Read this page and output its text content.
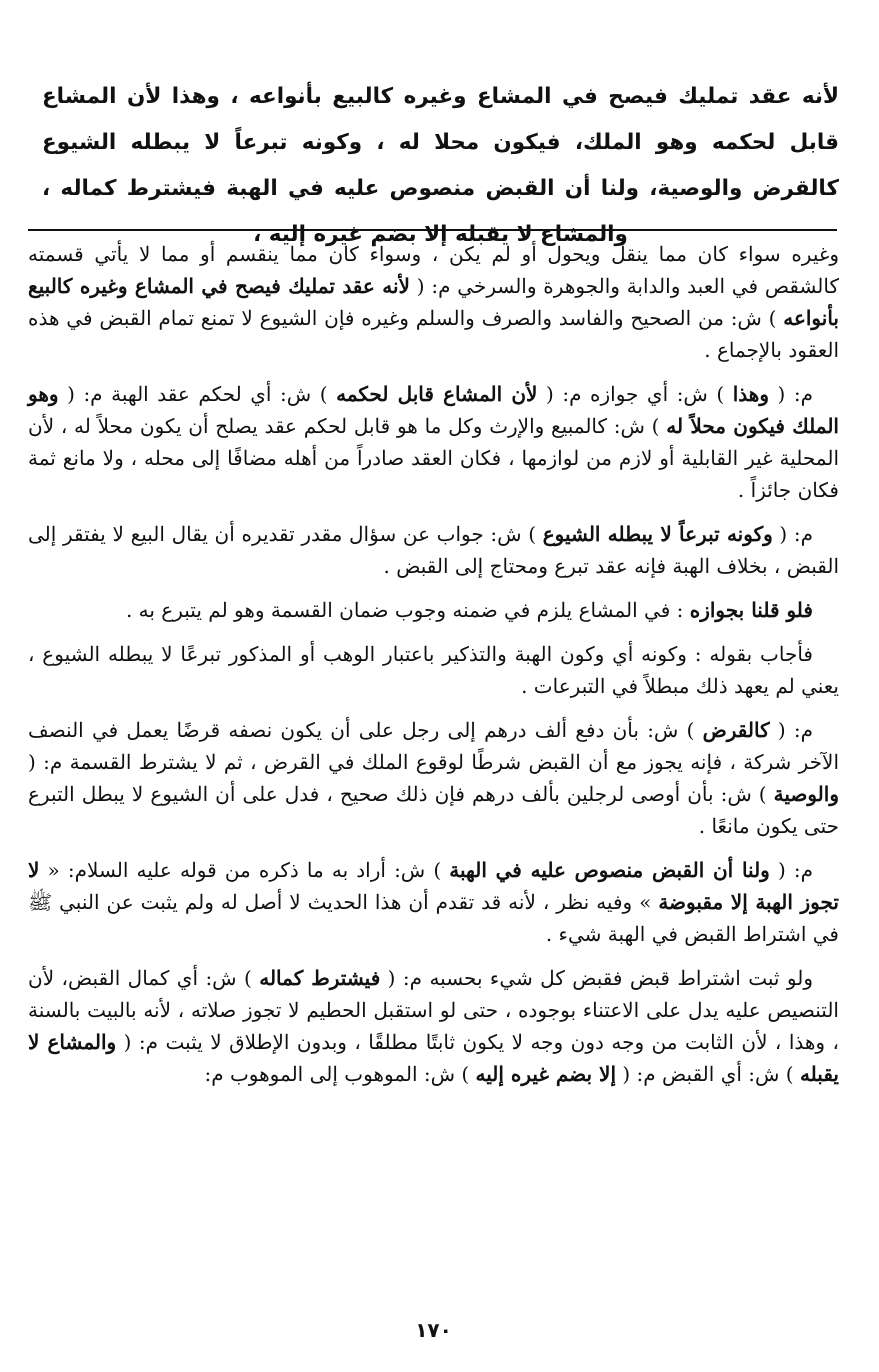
لأنه عقد تمليك فيصح في المشاع وغيره كالبيع بأنواعه ، وهذا لأن المشاع قابل لحكمه وهو الملك، فيكون محلا له ، وكونه تبرعاً لا يبطله الشيوع كالقرض والوصية، ولنا أن القبض منصوص عليه في الهبة فيشترط كماله ، والمشاع لا يقبله إلا بضم غيره إليه ،

وغيره سواء كان مما ينقل ويحول أو لم يكن ، وسواء كان مما ينقسم أو مما لا يأتي قسمته كالشقص في العبد والدابة والجوهرة والسرخي م: ( لأنه عقد تمليك فيصح في المشاع وغيره كالبيع بأنواعه ) ش: من الصحيح والفاسد والصرف والسلم وغيره فإن الشيوع لا تمنع تمام القبض في هذه العقود بالإجماع .

م: ( وهذا ) ش: أي جوازه م: ( لأن المشاع قابل لحكمه ) ش: أي لحكم عقد الهبة م: ( وهو الملك فيكون محلاً له ) ش: كالمبيع والإرث وكل ما هو قابل لحكم عقد يصلح أن يكون محلاً له ، لأن المحلية غير القابلية أو لازم من لوازمها ، فكان العقد صادراً من أهله مضافًا إلى محله ، ولا مانع ثمة فكان جائزاً .

م: ( وكونه تبرعاً لا يبطله الشيوع ) ش: جواب عن سؤال مقدر تقديره أن يقال البيع لا يفتقر إلى القبض ، بخلاف الهبة فإنه عقد تبرع ومحتاج إلى القبض .

فلو قلنا بجوازه : في المشاع يلزم في ضمنه وجوب ضمان القسمة وهو لم يتبرع به .

فأجاب بقوله : وكونه أي وكون الهبة والتذكير باعتبار الوهب أو المذكور تبرعًا لا يبطله الشيوع ، يعني لم يعهد ذلك مبطلاً في التبرعات .

م: ( كالقرض ) ش: بأن دفع ألف درهم إلى رجل على أن يكون نصفه قرضًا يعمل في النصف الآخر شركة ، فإنه يجوز مع أن القبض شرطًا لوقوع الملك في القرض ، ثم لا يشترط القسمة م: ( والوصية ) ش: بأن أوصى لرجلين بألف درهم فإن ذلك صحيح ، فدل على أن الشيوع لا يبطل التبرع حتى يكون مانعًا .

م: ( ولنا أن القبض منصوص عليه في الهبة ) ش: أراد به ما ذكره من قوله عليه السلام: « لا تجوز الهبة إلا مقبوضة » وفيه نظر ، لأنه قد تقدم أن هذا الحديث لا أصل له ولم يثبت عن النبي ﷺ في اشتراط القبض في الهبة شيء .

ولو ثبت اشتراط قبض فقبض كل شيء بحسبه م: ( فيشترط كماله ) ش: أي كمال القبض، لأن التنصيص عليه يدل على الاعتناء بوجوده ، حتى لو استقبل الحطيم لا تجوز صلاته ، لأنه بالبيت بالسنة ، وهذا ، لأن الثابت من وجه دون وجه لا يكون ثابتًا مطلقًا ، وبدون الإطلاق لا يثبت م: ( والمشاع لا يقبله ) ش: أي القبض م: ( إلا بضم غيره إليه ) ش: الموهوب إلى الموهوب م:

١٧٠
